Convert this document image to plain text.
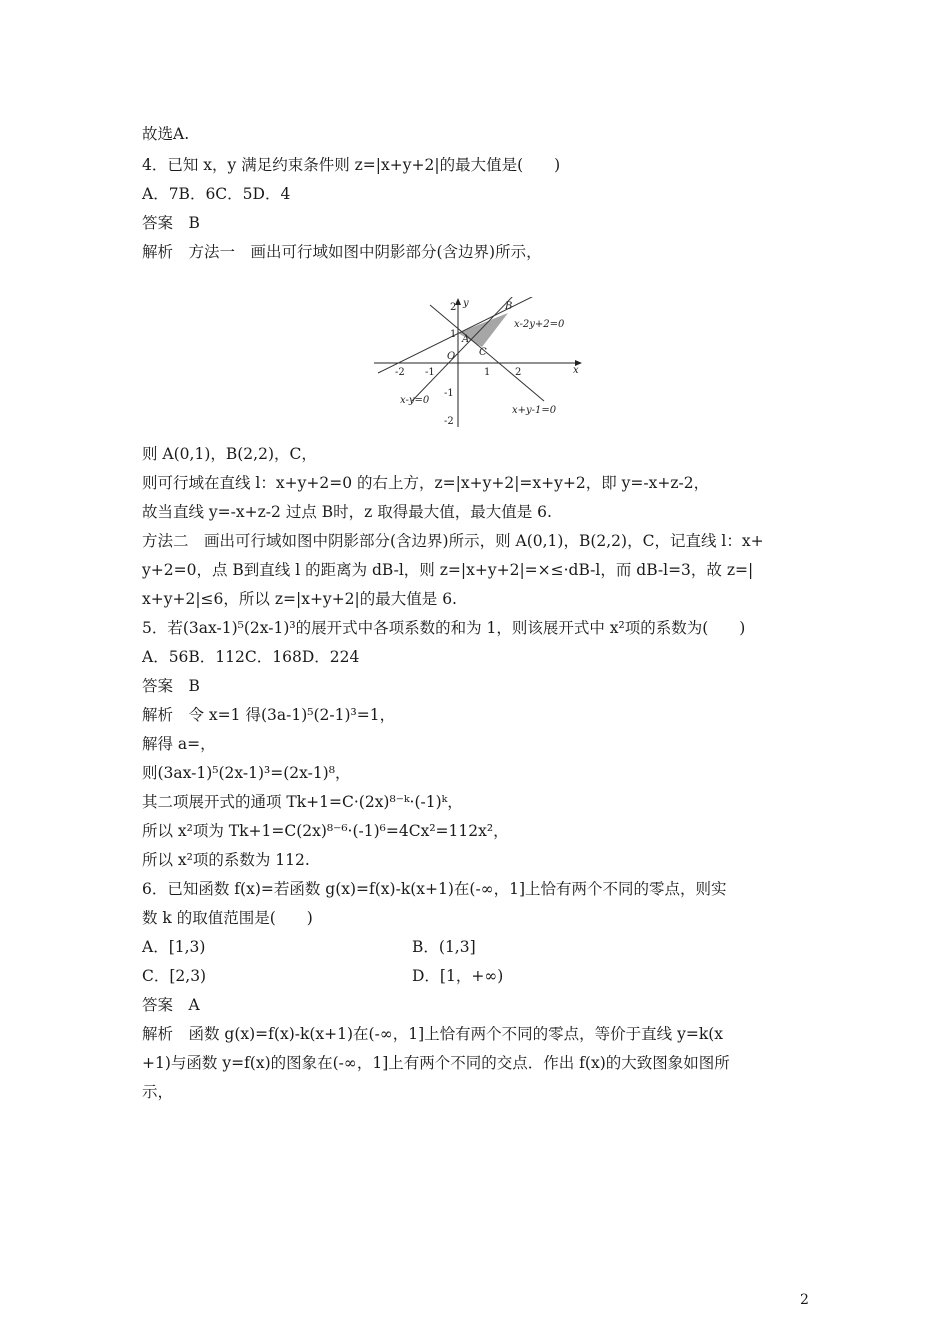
故选A.
4．已知 x，y 满足约束条件则 z=|x+y+2|的最大值是(　　)
A．7B．6C．5D．4
答案　B
解析　方法一　画出可行域如图中阴影部分(含边界)所示，
y
x
O
-2 -1	1 2
2
1
-1
-2
A
B
C
x-2y+2=0
x-y=0
x+y-1=0
则 A(0,1)，B(2,2)，C，
则可行域在直线 l：x+y+2=0 的右上方，z=|x+y+2|=x+y+2，即 y=-x+z-2，
故当直线 y=-x+z-2 过点 B时，z 取得最大值，最大值是 6.
方法二　画出可行域如图中阴影部分(含边界)所示，则 A(0,1)，B(2,2)，C，记直线 l：x+
y+2=0，点 B到直线 l 的距离为 dB-l，则 z=|x+y+2|=×≤·dB-l，而 dB-l=3，故 z=|
x+y+2|≤6，所以 z=|x+y+2|的最大值是 6.
5．若(3ax-1)⁵(2x-1)³的展开式中各项系数的和为 1，则该展开式中 x²项的系数为(　　)
A．56B．112C．168D．224
答案　B
解析　令 x=1 得(3a-1)⁵(2-1)³=1，
解得 a=，
则(3ax-1)⁵(2x-1)³=(2x-1)⁸，
其二项展开式的通项 Tk+1=C·(2x)⁸⁻ᵏ·(-1)ᵏ，
所以 x²项为 Tk+1=C(2x)⁸⁻⁶·(-1)⁶=4Cx²=112x²，
所以 x²项的系数为 112.
6．已知函数 f(x)=若函数 g(x)=f(x)-k(x+1)在(-∞，1]上恰有两个不同的零点，则实
数 k 的取值范围是(　　)
A．[1,3)	B．(1,3]
C．[2,3)	D．[1，+∞)
答案　A
解析　函数 g(x)=f(x)-k(x+1)在(-∞，1]上恰有两个不同的零点，等价于直线 y=k(x
+1)与函数 y=f(x)的图象在(-∞，1]上有两个不同的交点．作出 f(x)的大致图象如图所
示，
2
